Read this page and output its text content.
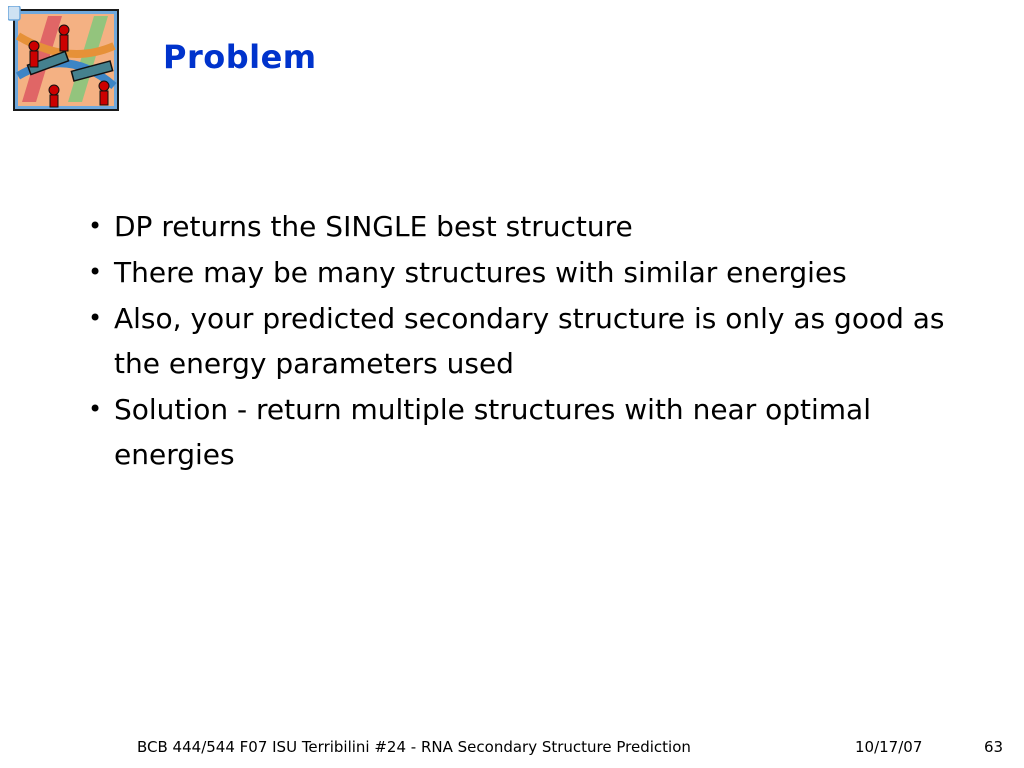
Problem
• DP returns the SINGLE best structure
• There may be many structures with similar energies
• Also, your predicted secondary structure is only as good as the energy parameters used
• Solution - return multiple structures with near optimal energies
BCB 444/544 F07 ISU Terribilini #24 - RNA Secondary Structure Prediction	10/17/07	63
